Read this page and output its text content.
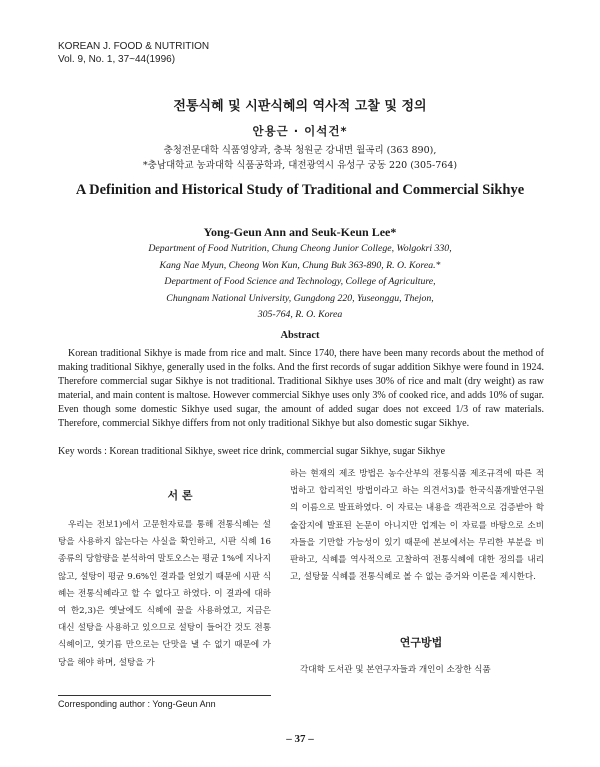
KOREAN J. FOOD & NUTRITION
Vol. 9, No. 1, 37~44(1996)
전통식혜 및 시판식혜의 역사적 고찰 및 정의
안용근 · 이석건*
충청전문대학 식품영양과, 충북 청원군 강내면 월곡리 (363 890),
*충남대학교 농과대학 식품공학과, 대전광역시 유성구 궁동 220 (305-764)
A Definition and Historical Study of Traditional and Commercial Sikhye
Yong-Geun Ann and Seuk-Keun Lee*
Department of Food Nutrition, Chung Cheong Junior College, Wolgokri 330,
Kang Nae Myun, Cheong Won Kun, Chung Buk 363-890, R. O. Korea.*
Department of Food Science and Technology, College of Agriculture,
Chungnam National University, Gungdong 220, Yuseonggu, Thejon,
305-764, R. O. Korea
Abstract
Korean traditional Sikhye is made from rice and malt. Since 1740, there have been many records about the method of making traditional Sikhye, generally used in the folks. And the first records of sugar addition Sikhye were found in 1924. Therefore commercial sugar Sikhye is not traditional. Traditional Sikhye uses 30% of rice and malt (dry weight) as raw material, and main content is maltose. However commercial Sikhye uses only 3% of cooked rice, and adds 10% of sugar. Even though some domestic Sikhye used sugar, the amount of added sugar does not exceed 1/3 of raw materials. Therefore, commercial Sikhye differs from not only traditional Sikhye but also domestic sugar Sikhye.
Key words : Korean traditional Sikhye, sweet rice drink, commercial sugar Sikhye, sugar Sikhye
서 론

우리는 전보1)에서 고문헌자료를 통해 전통식혜는 설탕을 사용하지 않는다는 사실을 확인하고, 시판 식혜 16 종류의 당함량을 분석하여 말토오스는 평균 1%에 지나지 않고, 설탕이 평균 9.6%인 결과를 얻었기 때문에 시판 식혜는 전통식혜라고 할 수 없다고 하였다. 이 결과에 대하여 한2,3)은 옛날에도 식혜에 꿀을 사용하였고, 지금은 대신 설탕을 사용하고 있으므로 설탕이 들어간 것도 전통식혜이고, 엿기름 만으로는 단맛을 낼 수 없기 때문에 가당을 해야 하며, 설탕을 가

하는 현재의 제조 방법은 농수산부의 전통식품 제조규격에 따른 적법하고 합리적인 방법이라고 하는 의견서3)를 한국식품개발연구원의 이름으로 발표하였다. 이 자료는 내용을 객관적으로 검증받아 학술잡지에 발표된 논문이 아니지만 업계는 이 자료를 바탕으로 소비자들을 기만할 가능성이 있기 때문에 본보에서는 무리한 부분을 비판하고, 식혜를 역사적으로 고찰하여 전통식혜에 대한 정의를 내리고, 설탕물 식혜를 전통식혜로 볼 수 없는 증거와 이론을 제시한다.

연구방법

각대학 도서관 및 본연구자들과 개인이 소장한 식품

Corresponding author : Yong-Geun Ann
– 37 –
